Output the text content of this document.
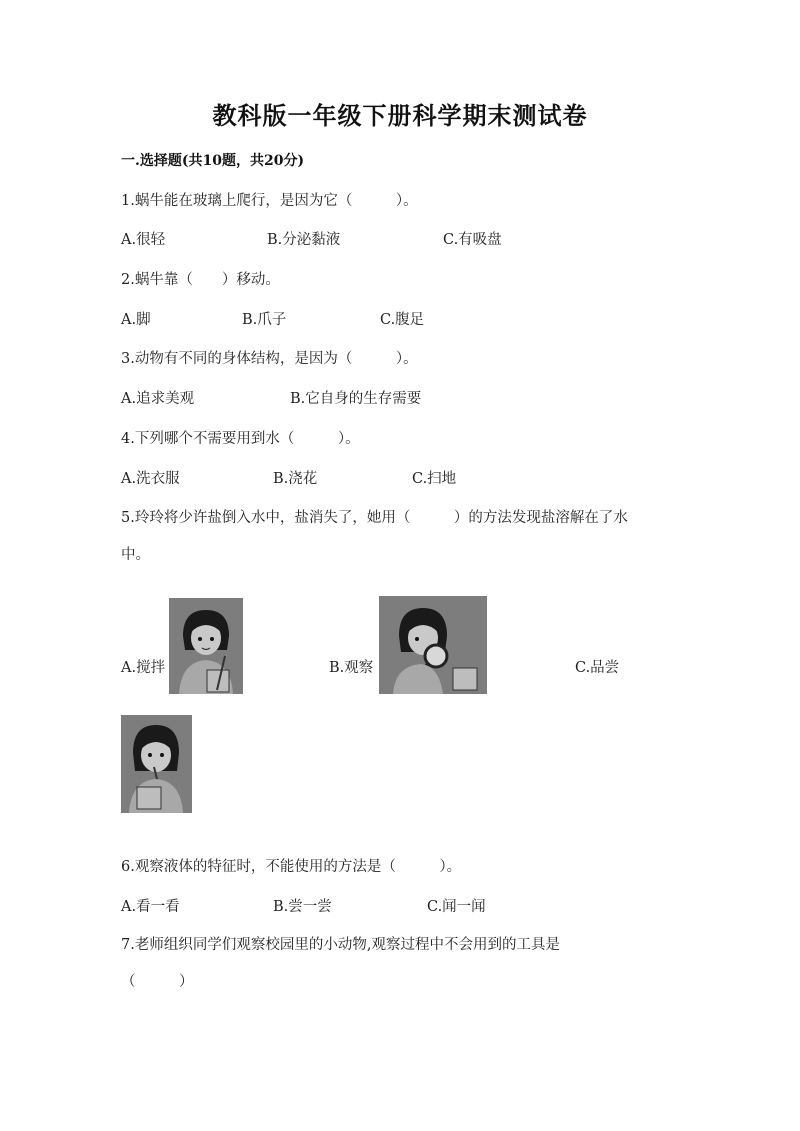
教科版一年级下册科学期末测试卷
一.选择题(共10题，共20分)
1.蜗牛能在玻璃上爬行，是因为它（　　　）。
A.很轻	B.分泌黏液	C.有吸盘
2.蜗牛靠（　　）移动。
A.脚	B.爪子	C.腹足
3.动物有不同的身体结构，是因为（　　　）。
A.追求美观	B.它自身的生存需要
4.下列哪个不需要用到水（　　　）。
A.洗衣服	B.浇花	C.扫地
5.玲玲将少许盐倒入水中，盐消失了，她用（　　　）的方法发现盐溶解在了水
中。
A.搅拌	B.观察	C.品尝
6.观察液体的特征时，不能使用的方法是（　　　）。
A.看一看	B.尝一尝	C.闻一闻
7.老师组织同学们观察校园里的小动物,观察过程中不会用到的工具是
（　　　）
